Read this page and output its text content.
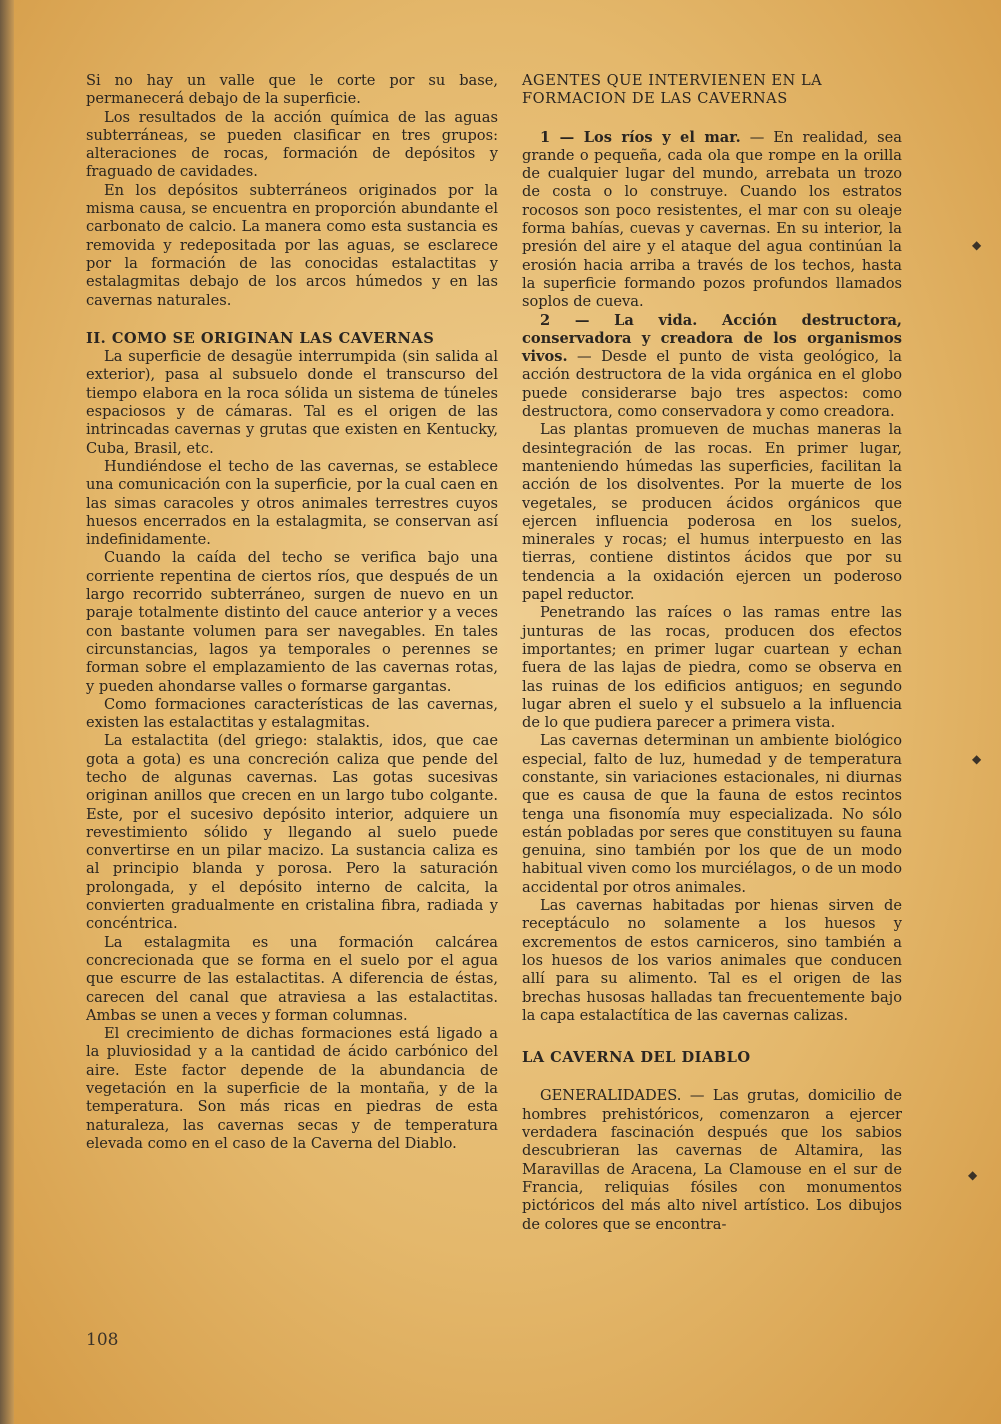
Si no hay un valle que le corte por su base, permanecerá debajo de la superficie.

Los resultados de la acción química de las aguas subterráneas, se pueden clasificar en tres grupos: alteraciones de rocas, formación de depósitos y fraguado de cavidades.

En los depósitos subterráneos originados por la misma causa, se encuentra en proporción abundante el carbonato de calcio. La manera como esta sustancia es removida y redepositada por las aguas, se esclarece por la formación de las conocidas estalactitas y estalagmitas debajo de los arcos húmedos y en las cavernas naturales.

II. COMO SE ORIGINAN LAS CAVERNAS

La superficie de desagüe interrumpida (sin salida al exterior), pasa al subsuelo donde el transcurso del tiempo elabora en la roca sólida un sistema de túneles espaciosos y de cámaras. Tal es el origen de las intrincadas cavernas y grutas que existen en Kentucky, Cuba, Brasil, etc.

Hundiéndose el techo de las cavernas, se establece una comunicación con la superficie, por la cual caen en las simas caracoles y otros animales terrestres cuyos huesos encerrados en la estalagmita, se conservan así indefinidamente.

Cuando la caída del techo se verifica bajo una corriente repentina de ciertos ríos, que después de un largo recorrido subterráneo, surgen de nuevo en un paraje totalmente distinto del cauce anterior y a veces con bastante volumen para ser navegables. En tales circunstancias, lagos ya temporales o perennes se forman sobre el emplazamiento de las cavernas rotas, y pueden ahondarse valles o formarse gargantas.

Como formaciones características de las cavernas, existen las estalactitas y estalagmitas.

La estalactita (del griego: stalaktis, idos, que cae gota a gota) es una concreción caliza que pende del techo de algunas cavernas. Las gotas sucesivas originan anillos que crecen en un largo tubo colgante. Este, por el sucesivo depósito interior, adquiere un revestimiento sólido y llegando al suelo puede convertirse en un pilar macizo. La sustancia caliza es al principio blanda y porosa. Pero la saturación prolongada, y el depósito interno de calcita, la convierten gradualmente en cristalina fibra, radiada y concéntrica.

La estalagmita es una formación calcárea concrecionada que se forma en el suelo por el agua que escurre de las estalactitas. A diferencia de éstas, carecen del canal que atraviesa a las estalactitas. Ambas se unen a veces y forman columnas.

El crecimiento de dichas formaciones está ligado a la pluviosidad y a la cantidad de ácido carbónico del aire. Este factor depende de la abundancia de vegetación en la superficie de la montaña, y de la temperatura. Son más ricas en piedras de esta naturaleza, las cavernas secas y de temperatura elevada como en el caso de la Caverna del Diablo.

AGENTES QUE INTERVIENEN EN LA FORMACION DE LAS CAVERNAS

1 — Los ríos y el mar. — En realidad, sea grande o pequeña, cada ola que rompe en la orilla de cualquier lugar del mundo, arrebata un trozo de costa o lo construye. Cuando los estratos rocosos son poco resistentes, el mar con su oleaje forma bahías, cuevas y cavernas. En su interior, la presión del aire y el ataque del agua continúan la erosión hacia arriba a través de los techos, hasta la superficie formando pozos profundos llamados soplos de cueva.

2 — La vida. Acción destructora, conservadora y creadora de los organismos vivos. — Desde el punto de vista geológico, la acción destructora de la vida orgánica en el globo puede considerarse bajo tres aspectos: como destructora, como conservadora y como creadora.

Las plantas promueven de muchas maneras la desintegración de las rocas. En primer lugar, manteniendo húmedas las superficies, facilitan la acción de los disolventes. Por la muerte de los vegetales, se producen ácidos orgánicos que ejercen influencia poderosa en los suelos, minerales y rocas; el humus interpuesto en las tierras, contiene distintos ácidos que por su tendencia a la oxidación ejercen un poderoso papel reductor.

Penetrando las raíces o las ramas entre las junturas de las rocas, producen dos efectos importantes; en primer lugar cuartean y echan fuera de las lajas de piedra, como se observa en las ruinas de los edificios antiguos; en segundo lugar abren el suelo y el subsuelo a la influencia de lo que pudiera parecer a primera vista.

Las cavernas determinan un ambiente biológico especial, falto de luz, humedad y de temperatura constante, sin variaciones estacionales, ni diurnas que es causa de que la fauna de estos recintos tenga una fisonomía muy especializada. No sólo están pobladas por seres que constituyen su fauna genuina, sino también por los que de un modo habitual viven como los murciélagos, o de un modo accidental por otros animales.

Las cavernas habitadas por hienas sirven de receptáculo no solamente a los huesos y excrementos de estos carniceros, sino también a los huesos de los varios animales que conducen allí para su alimento. Tal es el origen de las brechas husosas halladas tan frecuentemente bajo la capa estalactítica de las cavernas calizas.

LA CAVERNA DEL DIABLO

GENERALIDADES. — Las grutas, domicilio de hombres prehistóricos, comenzaron a ejercer verdadera fascinación después que los sabios descubrieran las cavernas de Altamira, las Maravillas de Aracena, La Clamouse en el sur de Francia, reliquias fósiles con monumentos pictóricos del más alto nivel artístico. Los dibujos de colores que se encontra-

108
◆
◆
◆
